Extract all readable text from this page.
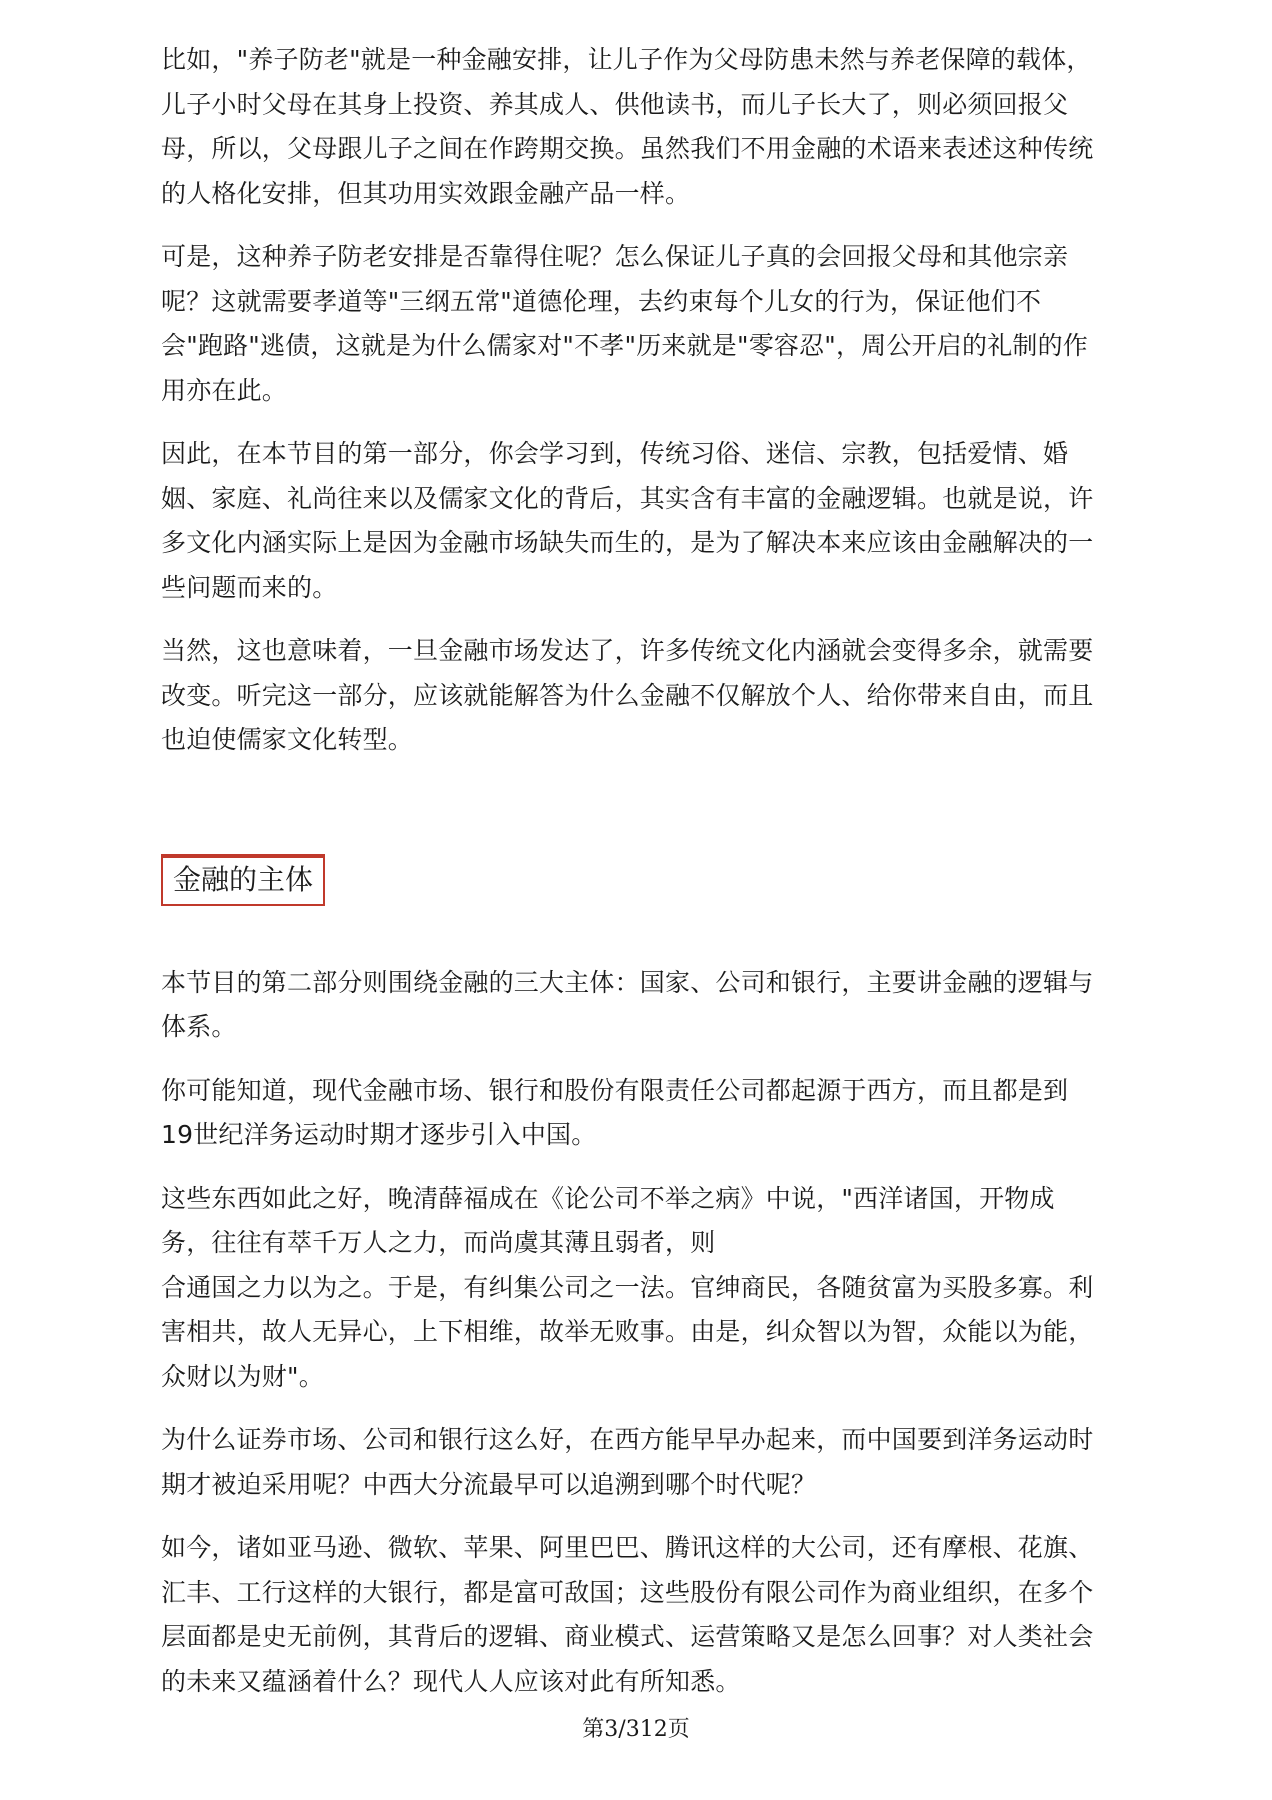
比如，"养子防老"就是一种金融安排，让儿子作为父母防患未然与养老保障的载体，
儿子小时父母在其身上投资、养其成人、供他读书，而儿子长大了，则必须回报父
母，所以，父母跟儿子之间在作跨期交换。虽然我们不用金融的术语来表述这种传统
的人格化安排，但其功用实效跟金融产品一样。

可是，这种养子防老安排是否靠得住呢？怎么保证儿子真的会回报父母和其他宗亲
呢？这就需要孝道等"三纲五常"道德伦理，去约束每个儿女的行为，保证他们不
会"跑路"逃债，这就是为什么儒家对"不孝"历来就是"零容忍"，周公开启的礼制的作
用亦在此。

因此，在本节目的第一部分，你会学习到，传统习俗、迷信、宗教，包括爱情、婚
姻、家庭、礼尚往来以及儒家文化的背后，其实含有丰富的金融逻辑。也就是说，许
多文化内涵实际上是因为金融市场缺失而生的，是为了解决本来应该由金融解决的一
些问题而来的。

当然，这也意味着，一旦金融市场发达了，许多传统文化内涵就会变得多余，就需要
改变。听完这一部分，应该就能解答为什么金融不仅解放个人、给你带来自由，而且
也迫使儒家文化转型。

金融的主体

本节目的第二部分则围绕金融的三大主体：国家、公司和银行，主要讲金融的逻辑与
体系。

你可能知道，现代金融市场、银行和股份有限责任公司都起源于西方，而且都是到
19世纪洋务运动时期才逐步引入中国。

这些东西如此之好，晚清薛福成在《论公司不举之病》中说，"西洋诸国，开物成
务，往往有萃千万人之力，而尚虞其薄且弱者，则
合通国之力以为之。于是，有纠集公司之一法。官绅商民，各随贫富为买股多寡。利
害相共，故人无异心，上下相维，故举无败事。由是，纠众智以为智，众能以为能，
众财以为财"。

为什么证券市场、公司和银行这么好，在西方能早早办起来，而中国要到洋务运动时
期才被迫采用呢？中西大分流最早可以追溯到哪个时代呢？

如今，诸如亚马逊、微软、苹果、阿里巴巴、腾讯这样的大公司，还有摩根、花旗、
汇丰、工行这样的大银行，都是富可敌国；这些股份有限公司作为商业组织，在多个
层面都是史无前例，其背后的逻辑、商业模式、运营策略又是怎么回事？对人类社会
的未来又蕴涵着什么？现代人人应该对此有所知悉。

第3/312页
